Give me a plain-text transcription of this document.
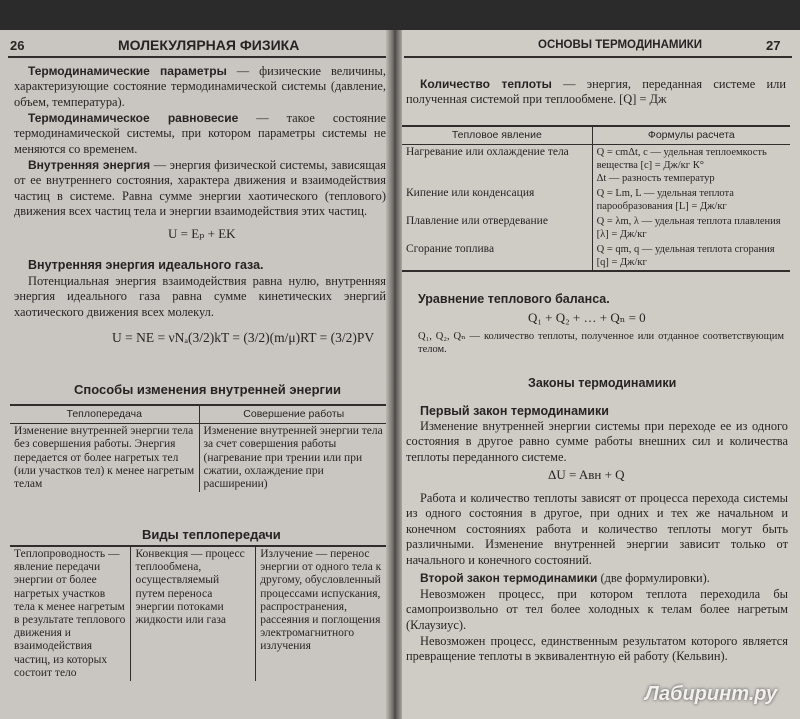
26	МОЛЕКУЛЯРНАЯ ФИЗИКА
Термодинамические параметры — физические величины, характеризующие состояние термодинамической системы (давление, объем, температура).
Термодинамическое равновесие — такое состояние термодинамической системы, при котором параметры системы не меняются со временем.
Внутренняя энергия — энергия физической системы, зависящая от ее внутреннего состояния, характера движения и взаимодействия частиц в системе. Равна сумме энергии хаотического (теплового) движения всех частиц тела и энергии взаимодействия этих частиц.
U = Eₚ + EK
Внутренняя энергия идеального газа.
Потенциальная энергия взаимодействия равна нулю, внутренняя энергия идеального газа равна сумме кинетических энергий хаотического движения всех молекул.
U = NE = νNₐ(3/2)kT = (3/2)(m/μ)RT = (3/2)PV
Способы изменения внутренней энергии
Теплопередача	Совершение работы
Изменение внутренней энергии тела без совершения работы. Энергия передается от более нагретых тел (или участков тел) к менее нагретым телам	Изменение внутренней энергии тела за счет совершения работы (нагревание при трении или при сжатии, охлаждение при расширении)
Виды теплопередачи
Теплопроводность — явление передачи энергии от более нагретых участков тела к менее нагретым в результате теплового движения и взаимодействия частиц, из которых состоит тело	Конвекция — процесс теплообмена, осуществляемый путем переноса энергии потоками жидкости или газа	Излучение — перенос энергии от одного тела к другому, обусловленный процессами испускания, распространения, рассеяния и поглощения электромагнитного излучения
ОСНОВЫ ТЕРМОДИНАМИКИ	27
Количество теплоты — энергия, переданная системе или полученная системой при теплообмене. [Q] = Дж
Тепловое явление	Формулы расчета
Нагревание или охлаждение тела	Q = cmΔt, c — удельная теплоемкость вещества [c] = Дж/кг К°
Δt — разность температур
Кипение или конденсация	Q = Lm, L — удельная теплота парообразования [L] = Дж/кг
Плавление или отвердевание	Q = λm, λ — удельная теплота плавления [λ] = Дж/кг
Сгорание топлива	Q = qm, q — удельная теплота сгорания [q] = Дж/кг
Уравнение теплового баланса.
Q₁ + Q₂ + … + Qₙ = 0
Q₁, Q₂, Qₙ — количество теплоты, полученное или отданное соответствующим телом.
Законы термодинамики
Первый закон термодинамики
Изменение внутренней энергии системы при переходе ее из одного состояния в другое равно сумме работы внешних сил и количества теплоты переданного системе.
ΔU = Aвн + Q
Работа и количество теплоты зависят от процесса перехода системы из одного состояния в другое, при одних и тех же начальном и конечном состояниях работа и количество теплоты могут быть различными. Изменение внутренней энергии зависит только от начального и конечного состояний.
Второй закон термодинамики (две формулировки).
Невозможен процесс, при котором теплота переходила бы самопроизвольно от тел более холодных к телам более нагретым (Клаузиус).
Невозможен процесс, единственным результатом которого является превращение теплоты в эквивалентную ей работу (Кельвин).
Лабиринт.ру
